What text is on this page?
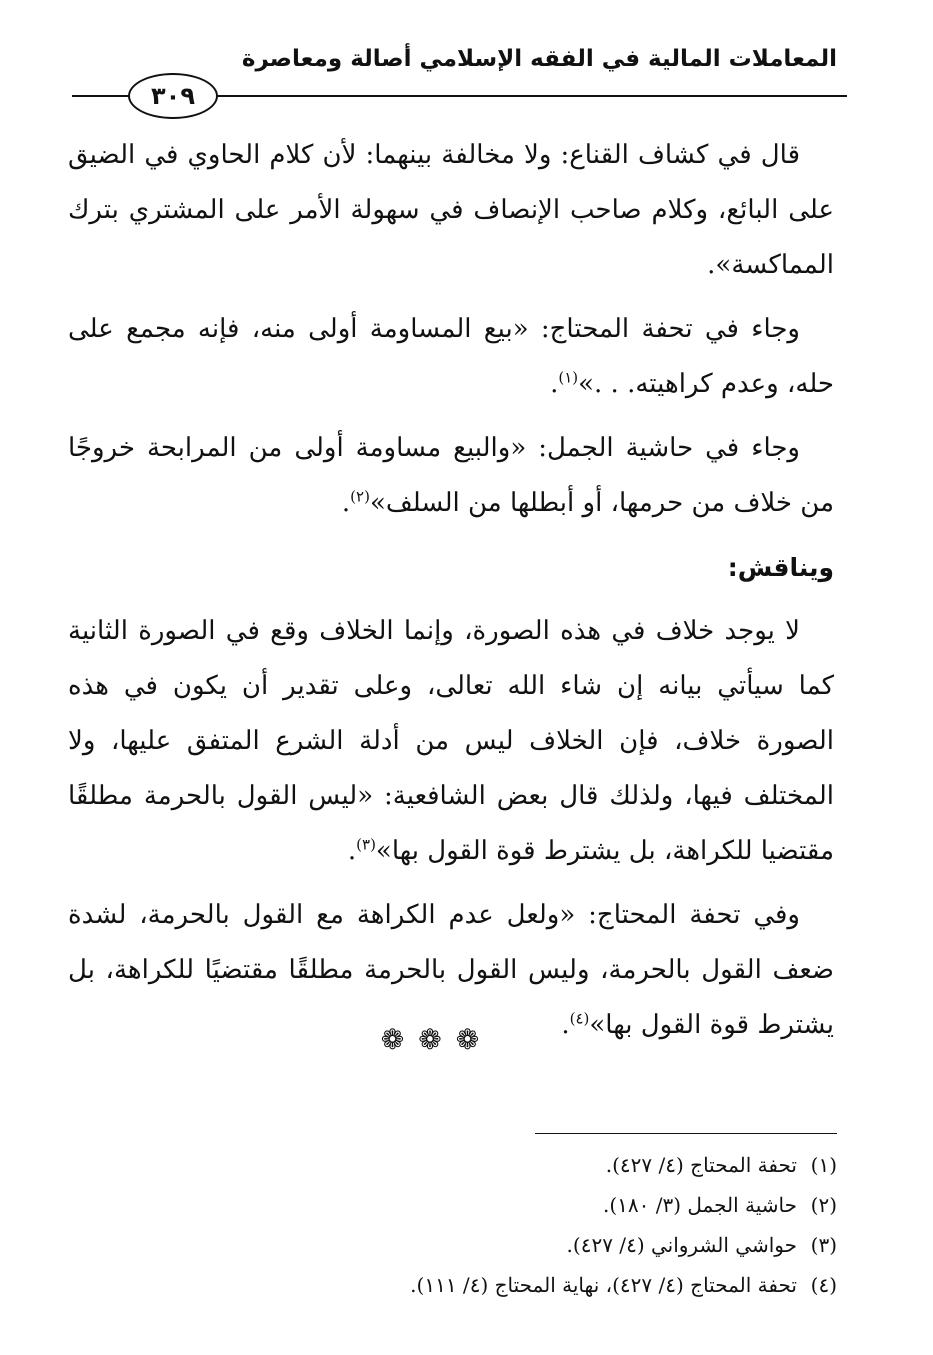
المعاملات المالية في الفقه الإسلامي أصالة ومعاصرة
٣٠٩

قال في كشاف القناع: ولا مخالفة بينهما: لأن كلام الحاوي في الضيق على البائع، وكلام صاحب الإنصاف في سهولة الأمر على المشتري بترك المماكسة».

وجاء في تحفة المحتاج: «بيع المساومة أولى منه، فإنه مجمع على حله، وعدم كراهيته. . .»$^{(١)}$.

وجاء في حاشية الجمل: «والبيع مساومة أولى من المرابحة خروجًا من خلاف من حرمها، أو أبطلها من السلف»$^{(٢)}$.

ويناقش:

لا يوجد خلاف في هذه الصورة، وإنما الخلاف وقع في الصورة الثانية كما سيأتي بيانه إن شاء الله تعالى، وعلى تقدير أن يكون في هذه الصورة خلاف، فإن الخلاف ليس من أدلة الشرع المتفق عليها، ولا المختلف فيها، ولذلك قال بعض الشافعية: «ليس القول بالحرمة مطلقًا مقتضيا للكراهة، بل يشترط قوة القول بها»$^{(٣)}$.

وفي تحفة المحتاج: «ولعل عدم الكراهة مع القول بالحرمة، لشدة ضعف القول بالحرمة، وليس القول بالحرمة مطلقًا مقتضيًا للكراهة، بل يشترط قوة القول بها»$^{(٤)}$.

❁ ❁ ❁

(١)تحفة المحتاج (٤/ ٤٢٧).

(٢)حاشية الجمل (٣/ ١٨٠).

(٣)حواشي الشرواني (٤/ ٤٢٧).

(٤)تحفة المحتاج (٤/ ٤٢٧)، نهاية المحتاج (٤/ ١١١).
